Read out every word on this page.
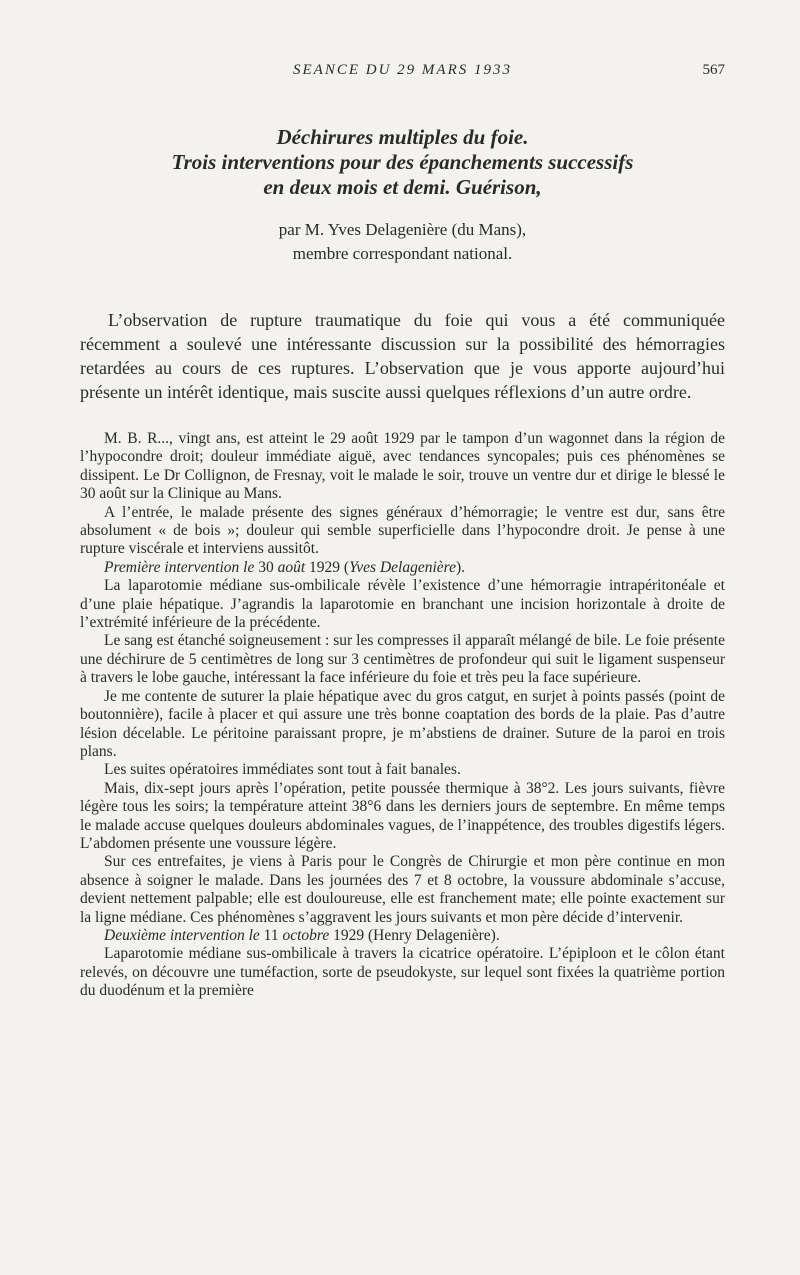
SEANCE DU 29 MARS 1933	567
Déchirures multiples du foie.
Trois interventions pour des épanchements successifs
en deux mois et demi. Guérison,
par M. Yves Delagenière (du Mans),
membre correspondant national.

L’observation de rupture traumatique du foie qui vous a été communiquée récemment a soulevé une intéressante discussion sur la possibilité des hémorragies retardées au cours de ces ruptures. L’observation que je vous apporte aujourd’hui présente un intérêt identique, mais suscite aussi quelques réflexions d’un autre ordre.

M. B. R..., vingt ans, est atteint le 29 août 1929 par le tampon d’un wagonnet dans la région de l’hypocondre droit; douleur immédiate aiguë, avec tendances syncopales; puis ces phénomènes se dissipent. Le Dr Collignon, de Fresnay, voit le malade le soir, trouve un ventre dur et dirige le blessé le 30 août sur la Clinique au Mans.

A l’entrée, le malade présente des signes généraux d’hémorragie; le ventre est dur, sans être absolument « de bois »; douleur qui semble superficielle dans l’hypocondre droit. Je pense à une rupture viscérale et interviens aussitôt.

Première intervention le 30 août 1929 (Yves Delagenière).

La laparotomie médiane sus-ombilicale révèle l’existence d’une hémorragie intrapéritonéale et d’une plaie hépatique. J’agrandis la laparotomie en branchant une incision horizontale à droite de l’extrémité inférieure de la précédente.

Le sang est étanché soigneusement : sur les compresses il apparaît mélangé de bile. Le foie présente une déchirure de 5 centimètres de long sur 3 centimètres de profondeur qui suit le ligament suspenseur à travers le lobe gauche, intéressant la face inférieure du foie et très peu la face supérieure.

Je me contente de suturer la plaie hépatique avec du gros catgut, en surjet à points passés (point de boutonnière), facile à placer et qui assure une très bonne coaptation des bords de la plaie. Pas d’autre lésion décelable. Le péritoine paraissant propre, je m’abstiens de drainer. Suture de la paroi en trois plans.

Les suites opératoires immédiates sont tout à fait banales.

Mais, dix-sept jours après l’opération, petite poussée thermique à 38°2. Les jours suivants, fièvre légère tous les soirs; la température atteint 38°6 dans les derniers jours de septembre. En même temps le malade accuse quelques douleurs abdominales vagues, de l’inappétence, des troubles digestifs légers. L’abdomen présente une voussure légère.

Sur ces entrefaites, je viens à Paris pour le Congrès de Chirurgie et mon père continue en mon absence à soigner le malade. Dans les journées des 7 et 8 octobre, la voussure abdominale s’accuse, devient nettement palpable; elle est douloureuse, elle est franchement mate; elle pointe exactement sur la ligne médiane. Ces phénomènes s’aggravent les jours suivants et mon père décide d’intervenir.

Deuxième intervention le 11 octobre 1929 (Henry Delagenière).

Laparotomie médiane sus-ombilicale à travers la cicatrice opératoire. L’épiploon et le côlon étant relevés, on découvre une tuméfaction, sorte de pseudokyste, sur lequel sont fixées la quatrième portion du duodénum et la première
